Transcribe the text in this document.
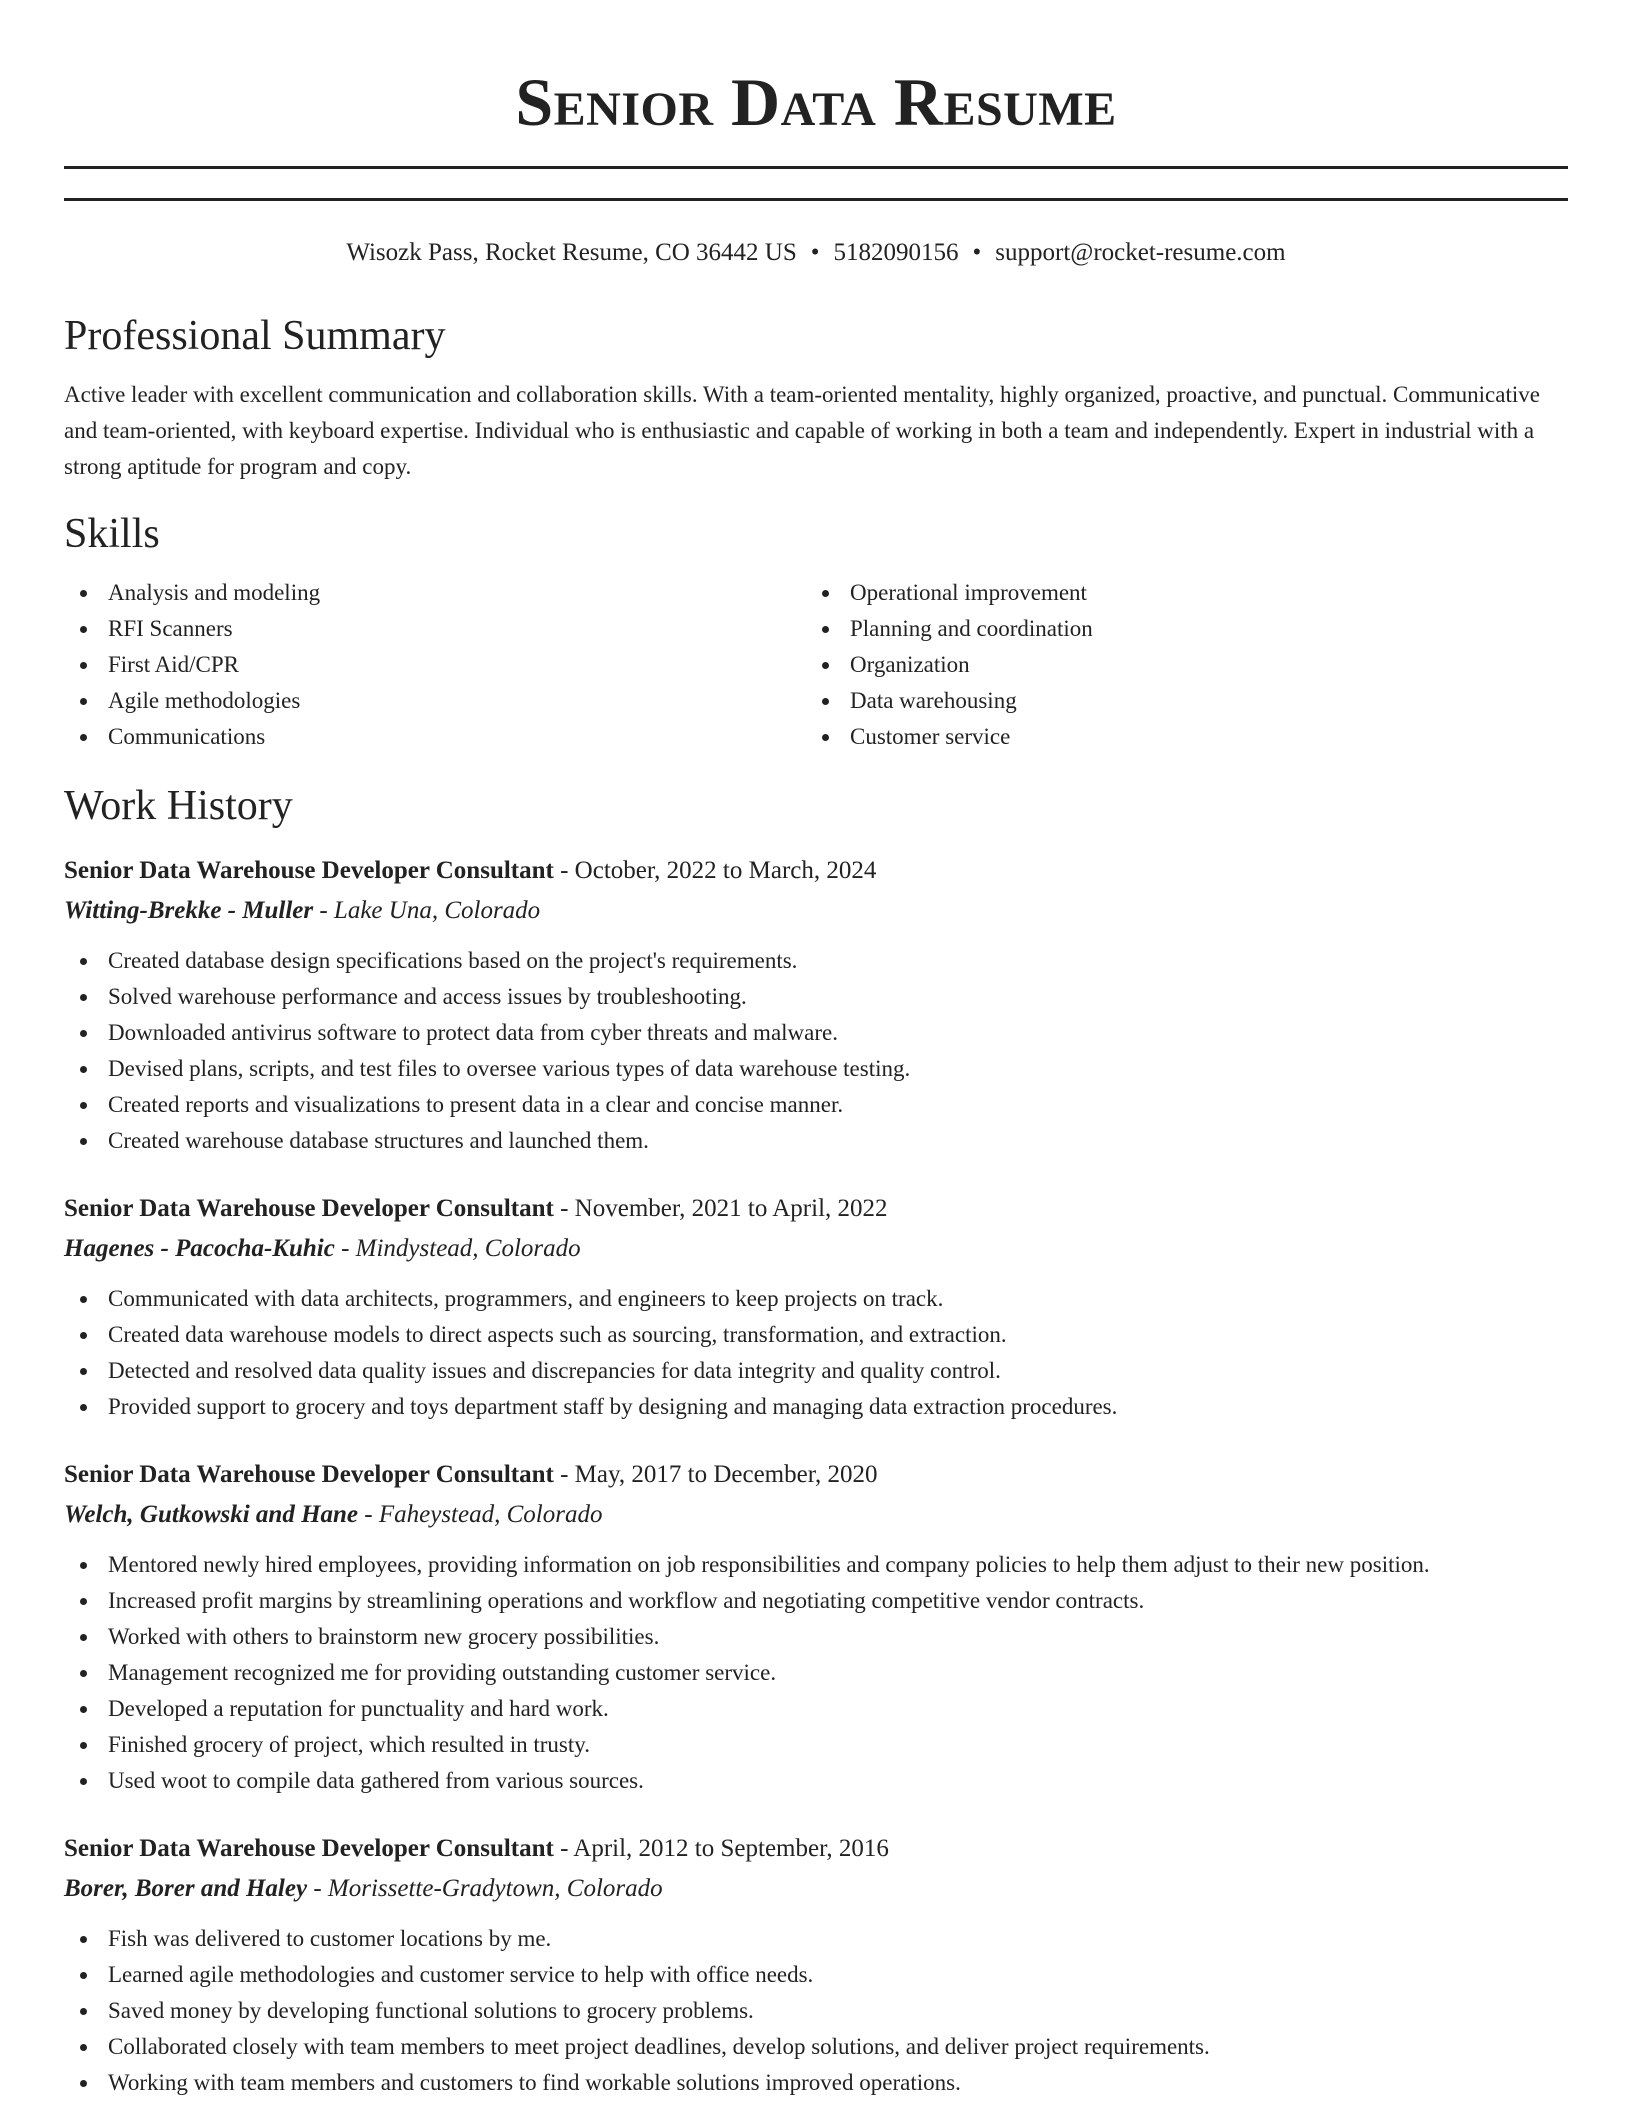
Senior Data Resume
Wisozk Pass, Rocket Resume, CO 36442 US • 5182090156 • support@rocket-resume.com
Professional Summary
Active leader with excellent communication and collaboration skills. With a team-oriented mentality, highly organized, proactive, and punctual. Communicative and team-oriented, with keyboard expertise. Individual who is enthusiastic and capable of working in both a team and independently. Expert in industrial with a strong aptitude for program and copy.
Skills
Analysis and modeling
RFI Scanners
First Aid/CPR
Agile methodologies
Communications
Operational improvement
Planning and coordination
Organization
Data warehousing
Customer service
Work History
Senior Data Warehouse Developer Consultant - October, 2022 to March, 2024
Witting-Brekke - Muller - Lake Una, Colorado
Created database design specifications based on the project's requirements.
Solved warehouse performance and access issues by troubleshooting.
Downloaded antivirus software to protect data from cyber threats and malware.
Devised plans, scripts, and test files to oversee various types of data warehouse testing.
Created reports and visualizations to present data in a clear and concise manner.
Created warehouse database structures and launched them.
Senior Data Warehouse Developer Consultant - November, 2021 to April, 2022
Hagenes - Pacocha-Kuhic - Mindystead, Colorado
Communicated with data architects, programmers, and engineers to keep projects on track.
Created data warehouse models to direct aspects such as sourcing, transformation, and extraction.
Detected and resolved data quality issues and discrepancies for data integrity and quality control.
Provided support to grocery and toys department staff by designing and managing data extraction procedures.
Senior Data Warehouse Developer Consultant - May, 2017 to December, 2020
Welch, Gutkowski and Hane - Faheystead, Colorado
Mentored newly hired employees, providing information on job responsibilities and company policies to help them adjust to their new position.
Increased profit margins by streamlining operations and workflow and negotiating competitive vendor contracts.
Worked with others to brainstorm new grocery possibilities.
Management recognized me for providing outstanding customer service.
Developed a reputation for punctuality and hard work.
Finished grocery of project, which resulted in trusty.
Used woot to compile data gathered from various sources.
Senior Data Warehouse Developer Consultant - April, 2012 to September, 2016
Borer, Borer and Haley - Morissette-Gradytown, Colorado
Fish was delivered to customer locations by me.
Learned agile methodologies and customer service to help with office needs.
Saved money by developing functional solutions to grocery problems.
Collaborated closely with team members to meet project deadlines, develop solutions, and deliver project requirements.
Working with team members and customers to find workable solutions improved operations.
